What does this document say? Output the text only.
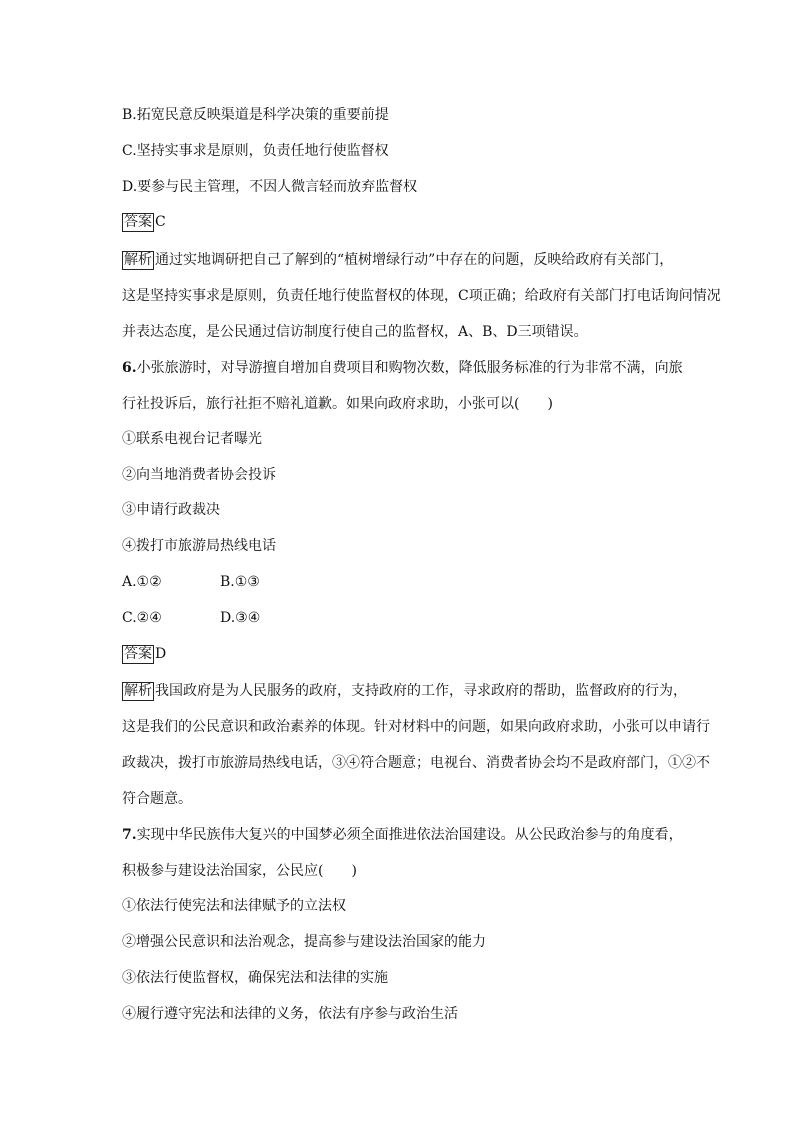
B.拓宽民意反映渠道是科学决策的重要前提
C.坚持实事求是原则，负责任地行使监督权
D.要参与民主管理，不因人微言轻而放弃监督权
答案 C
解析 通过实地调研把自己了解到的“植树增绿行动”中存在的问题，反映给政府有关部门，
这是坚持实事求是原则，负责任地行使监督权的体现，C项正确；给政府有关部门打电话询问情况
并表达态度，是公民通过信访制度行使自己的监督权，A、B、D三项错误。
6.小张旅游时，对导游擅自增加自费项目和购物次数，降低服务标准的行为非常不满，向旅
行社投诉后，旅行社拒不赔礼道歉。如果向政府求助，小张可以(　　)
①联系电视台记者曝光
②向当地消费者协会投诉
③申请行政裁决
④拨打市旅游局热线电话
A.①②	B.①③
C.②④	D.③④
答案 D
解析 我国政府是为人民服务的政府，支持政府的工作，寻求政府的帮助，监督政府的行为，
这是我们的公民意识和政治素养的体现。针对材料中的问题，如果向政府求助，小张可以申请行
政裁决，拨打市旅游局热线电话，③④符合题意；电视台、消费者协会均不是政府部门，①②不
符合题意。
7.实现中华民族伟大复兴的中国梦必须全面推进依法治国建设。从公民政治参与的角度看，
积极参与建设法治国家，公民应(　　)
①依法行使宪法和法律赋予的立法权
②增强公民意识和法治观念，提高参与建设法治国家的能力
③依法行使监督权，确保宪法和法律的实施
④履行遵守宪法和法律的义务，依法有序参与政治生活
